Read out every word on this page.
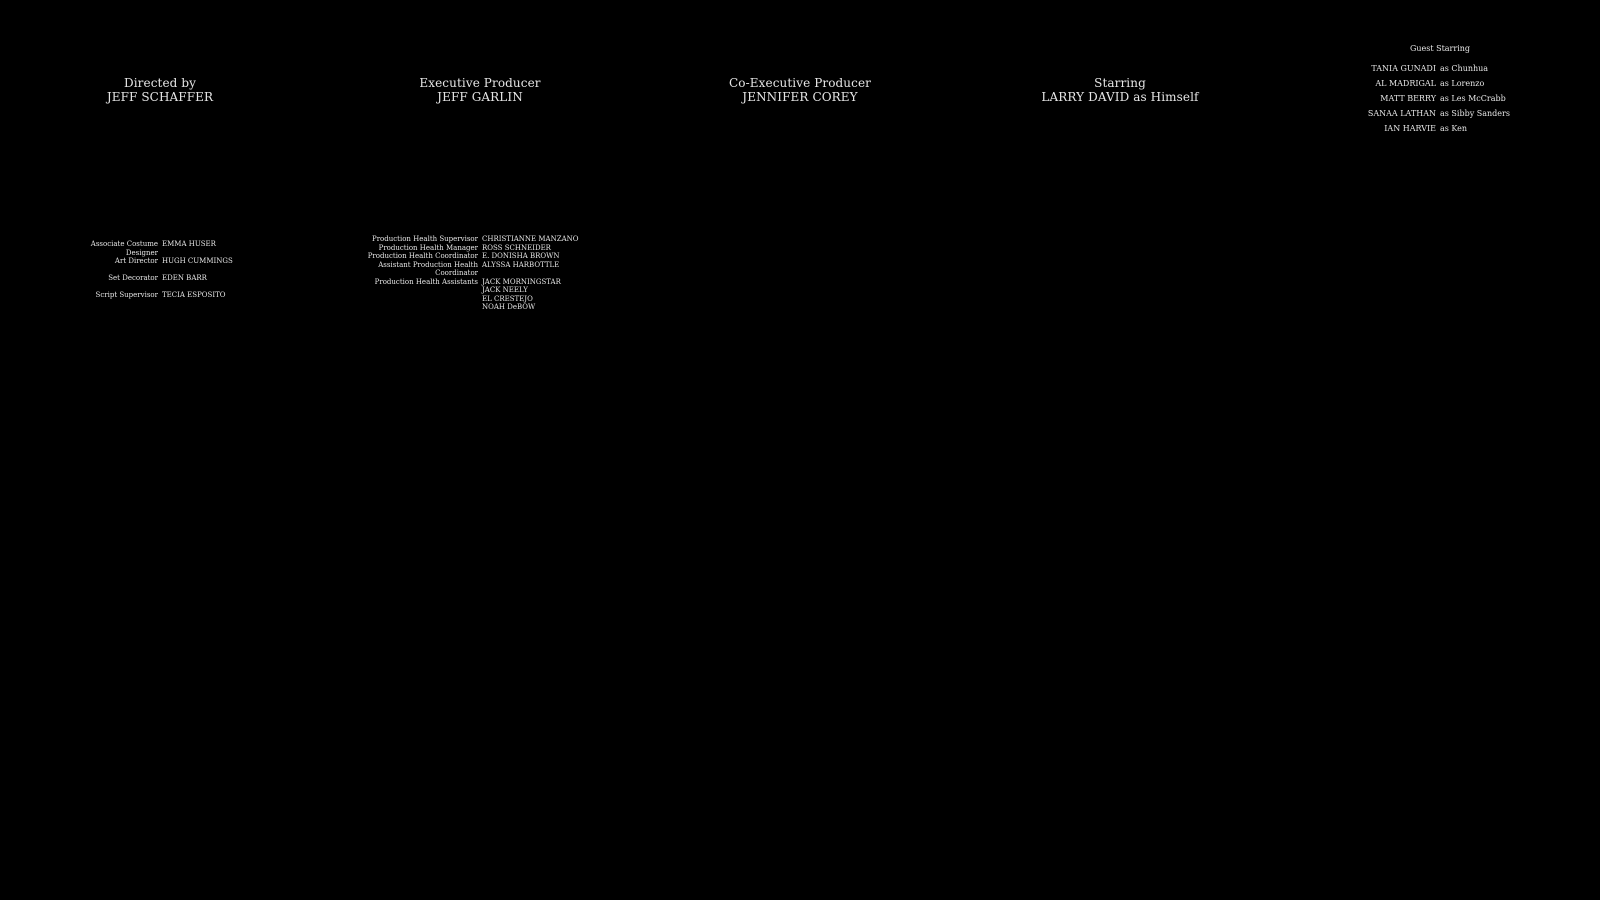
Directed by
JEFF SCHAFFER
Executive Producer
JEFF GARLIN
Co-Executive Producer
JENNIFER COREY
Starring
LARRY DAVID as Himself
Guest Starring
TANIA GUNADI as Chunhua
AL MADRIGAL as Lorenzo
MATT BERRY as Les McCrabb
SANAA LATHAN as Sibby Sanders
IAN HARVIE as Ken
Associate Costume Designer
EMMA HUSER
Art Director HUGH CUMMINGS
Set Decorator EDEN BARR
Script Supervisor TECIA ESPOSITO
Production Health Supervisor CHRISTIANNE MANZANO
Production Health Manager ROSS SCHNEIDER
Production Health Coordinator E. DONISHA BROWN
Assistant Production Health Coordinator
ALYSSA HARBOTTLE
Production Health Assistants JACK MORNINGSTAR
JACK NEELY
EL CRESTEJO
NOAH DeBOW
